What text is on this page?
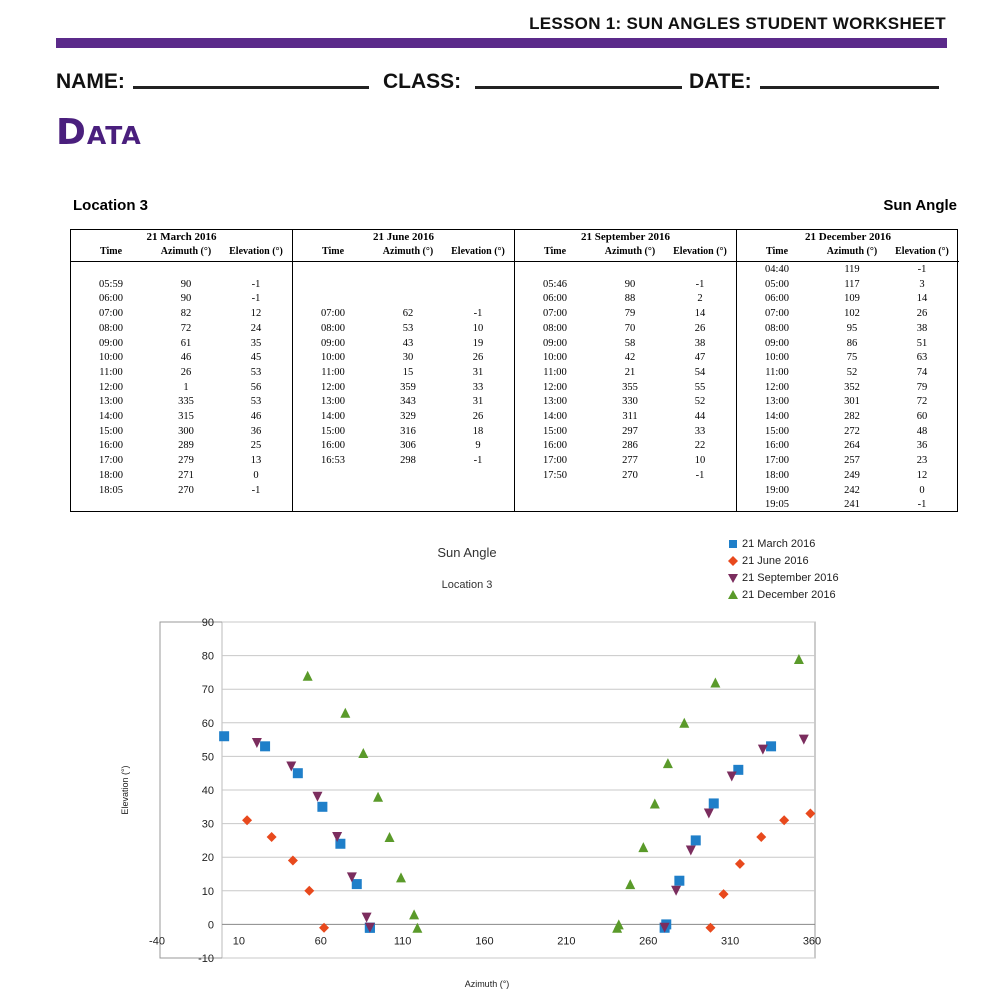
LESSON 1: SUN ANGLES STUDENT WORKSHEET
NAME:	CLASS:	DATE:
Data
Location 3	Sun Angle
21 March 2016
Time	Azimuth (°) Elevation (°)
05:59	90	-1
06:00	90	-1
07:00	82	12
08:00	72	24
09:00	61	35
10:00	46	45
11:00	26	53
12:00	1	56
13:00	335	53
14:00	315	46
15:00	300	36
16:00	289	25
17:00	279	13
18:00	271	0
18:05	270	-1
21 June 2016
Time	Azimuth (°) Elevation (°)
07:00	62	-1
08:00	53	10
09:00	43	19
10:00	30	26
11:00	15	31
12:00	359	33
13:00	343	31
14:00	329	26
15:00	316	18
16:00	306	9
16:53	298	-1
21 September 2016
Time	Azimuth (°) Elevation (°)
05:46	90	-1
06:00	88	2
07:00	79	14
08:00	70	26
09:00	58	38
10:00	42	47
11:00	21	54
12:00	355	55
13:00	330	52
14:00	311	44
15:00	297	33
16:00	286	22
17:00	277	10
17:50	270	-1
21 December 2016
Time	Azimuth (°) Elevation (°)
04:40	119	-1
05:00	117	3
06:00	109	14
07:00	102	26
08:00	95	38
09:00	86	51
10:00	75	63
11:00	52	74
12:00	352	79
13:00	301	72
14:00	282	60
15:00	272	48
16:00	264	36
17:00	257	23
18:00	249	12
19:00	242	0
19:05	241	-1
Sun Angle
Location 3
21 March 2016
21 June 2016
21 September 2016
21 December 2016
-10
0
10
20
30
40
50
60
70
80
90
-40	10	60	110	160	210	260	310	360
Azimuth (°)
Elevation (°)
